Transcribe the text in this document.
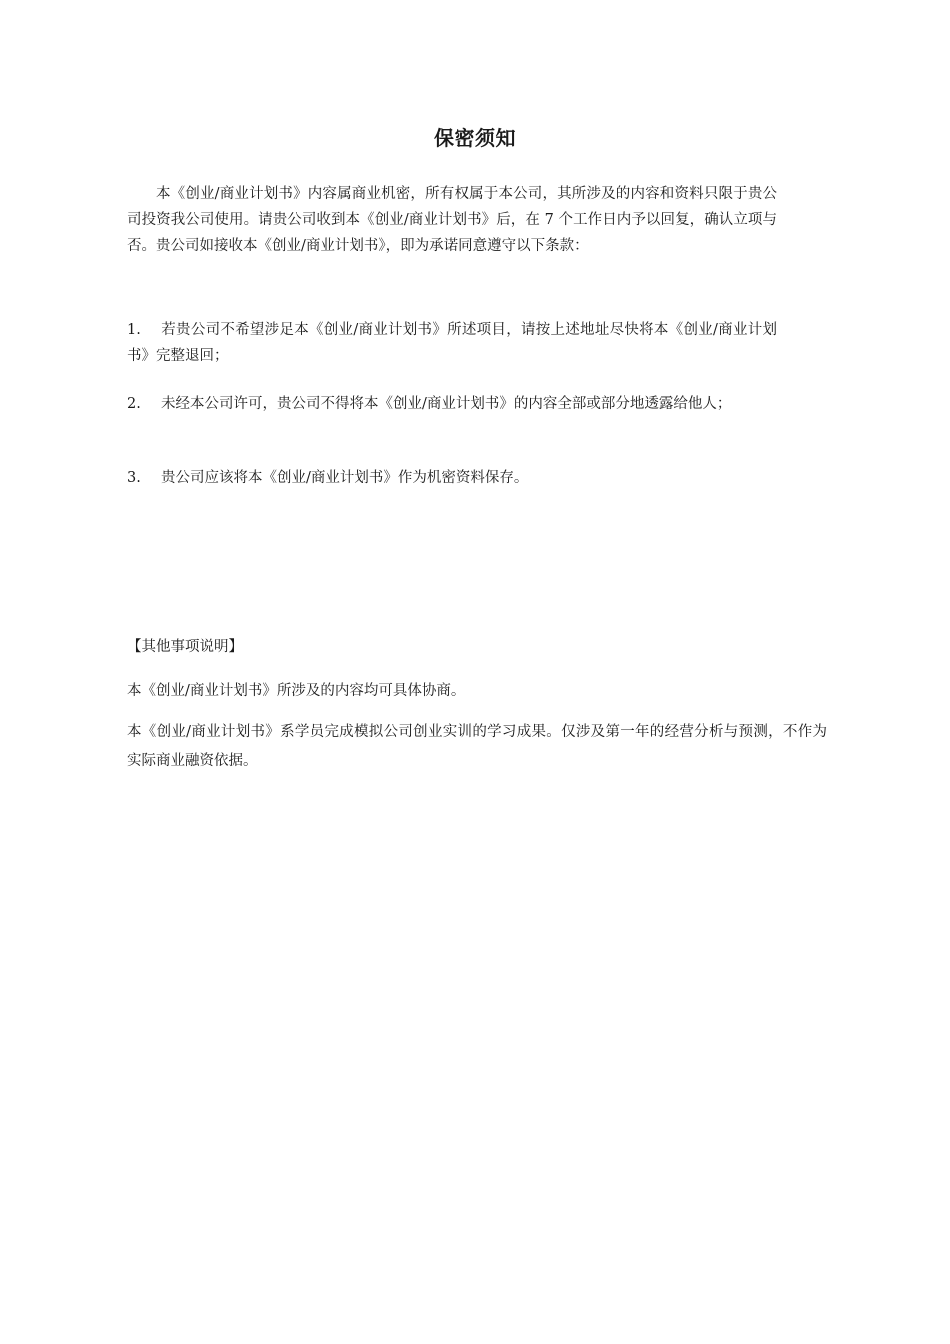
保密须知
本《创业/商业计划书》内容属商业机密，所有权属于本公司，其所涉及的内容和资料只限于贵公司投资我公司使用。请贵公司收到本《创业/商业计划书》后，在 7 个工作日内予以回复，确认立项与否。贵公司如接收本《创业/商业计划书》，即为承诺同意遵守以下条款：
1. 若贵公司不希望涉足本《创业/商业计划书》所述项目，请按上述地址尽快将本《创业/商业计划书》完整退回；
2. 未经本公司许可，贵公司不得将本《创业/商业计划书》的内容全部或部分地透露给他人；
3. 贵公司应该将本《创业/商业计划书》作为机密资料保存。
【其他事项说明】
本《创业/商业计划书》所涉及的内容均可具体协商。
本《创业/商业计划书》系学员完成模拟公司创业实训的学习成果。仅涉及第一年的经营分析与预测，不作为实际商业融资依据。
